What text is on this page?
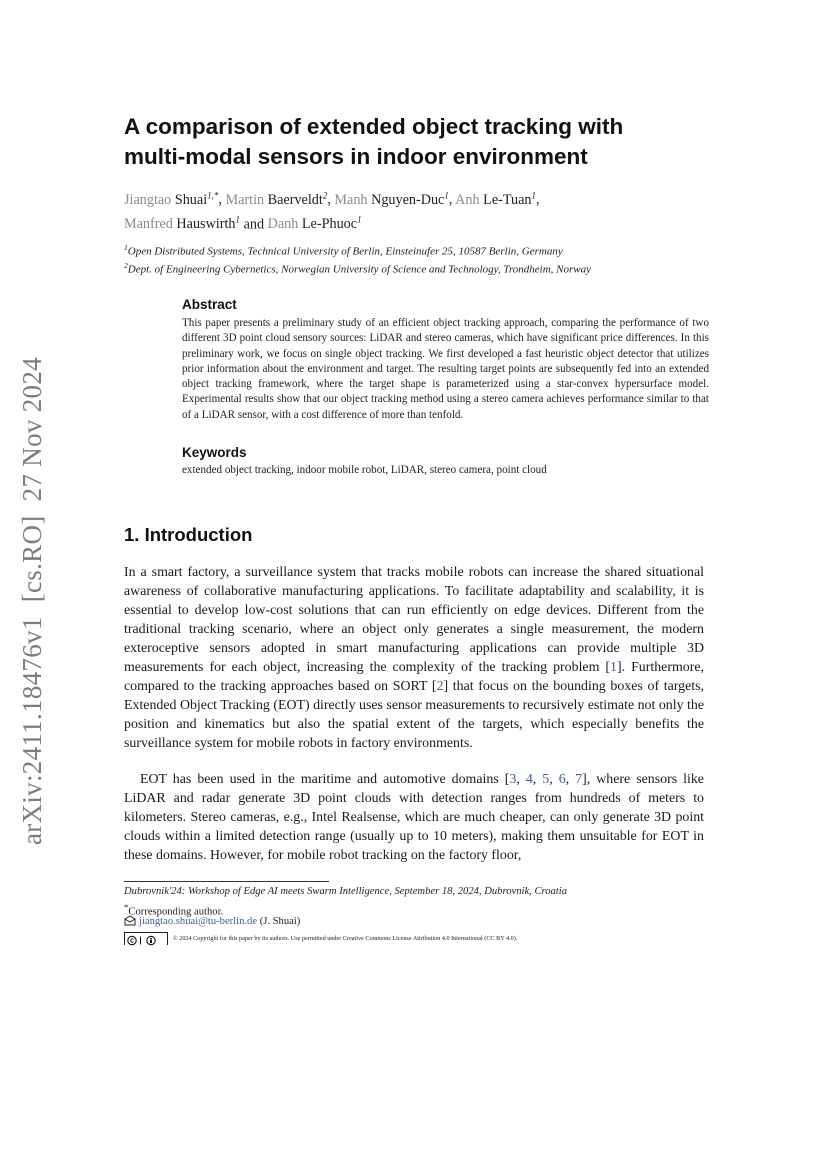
arXiv:2411.18476v1  [cs.RO]  27 Nov 2024
A comparison of extended object tracking with
multi-modal sensors in indoor environment
Jiangtao Shuai$^{1,*}$, Martin Baerveldt$^2$, Manh Nguyen-Duc$^1$, Anh Le-Tuan$^1$,
Manfred Hauswirth$^1$ and Danh Le-Phuoc$^1$
$^1$Open Distributed Systems, Technical University of Berlin, Einsteinufer 25, 10587 Berlin, Germany
$^2$Dept. of Engineering Cybernetics, Norwegian University of Science and Technology, Trondheim, Norway
Abstract
This paper presents a preliminary study of an efficient object tracking approach, comparing the performance of two different 3D point cloud sensory sources: LiDAR and stereo cameras, which have significant price differences. In this preliminary work, we focus on single object tracking. We first developed a fast heuristic object detector that utilizes prior information about the environment and target. The resulting target points are subsequently fed into an extended object tracking framework, where the target shape is parameterized using a star-convex hypersurface model. Experimental results show that our object tracking method using a stereo camera achieves performance similar to that of a LiDAR sensor, with a cost difference of more than tenfold.
Keywords
extended object tracking, indoor mobile robot, LiDAR, stereo camera, point cloud
1. Introduction

In a smart factory, a surveillance system that tracks mobile robots can increase the shared situational awareness of collaborative manufacturing applications. To facilitate adaptability and scalability, it is essential to develop low-cost solutions that can run efficiently on edge devices. Different from the traditional tracking scenario, where an object only generates a single measurement, the modern exteroceptive sensors adopted in smart manufacturing applications can provide multiple 3D measurements for each object, increasing the complexity of the tracking problem [1]. Furthermore, compared to the tracking approaches based on SORT [2] that focus on the bounding boxes of targets, Extended Object Tracking (EOT) directly uses sensor measurements to recursively estimate not only the position and kinematics but also the spatial extent of the targets, which especially benefits the surveillance system for mobile robots in factory environments.

EOT has been used in the maritime and automotive domains [3, 4, 5, 6, 7], where sensors like LiDAR and radar generate 3D point clouds with detection ranges from hundreds of meters to kilometers. Stereo cameras, e.g., Intel Realsense, which are much cheaper, can only generate 3D point clouds within a limited detection range (usually up to 10 meters), making them unsuitable for EOT in these domains. However, for mobile robot tracking on the factory floor,

Dubrovnik'24: Workshop of Edge AI meets Swarm Intelligence, September 18, 2024, Dubrovnik, Croatia
*Corresponding author.
jiangtao.shuai@tu-berlin.de (J. Shuai)
© 2024 Copyright for this paper by its authors. Use permitted under Creative Commons License Attribution 4.0 International (CC BY 4.0).
